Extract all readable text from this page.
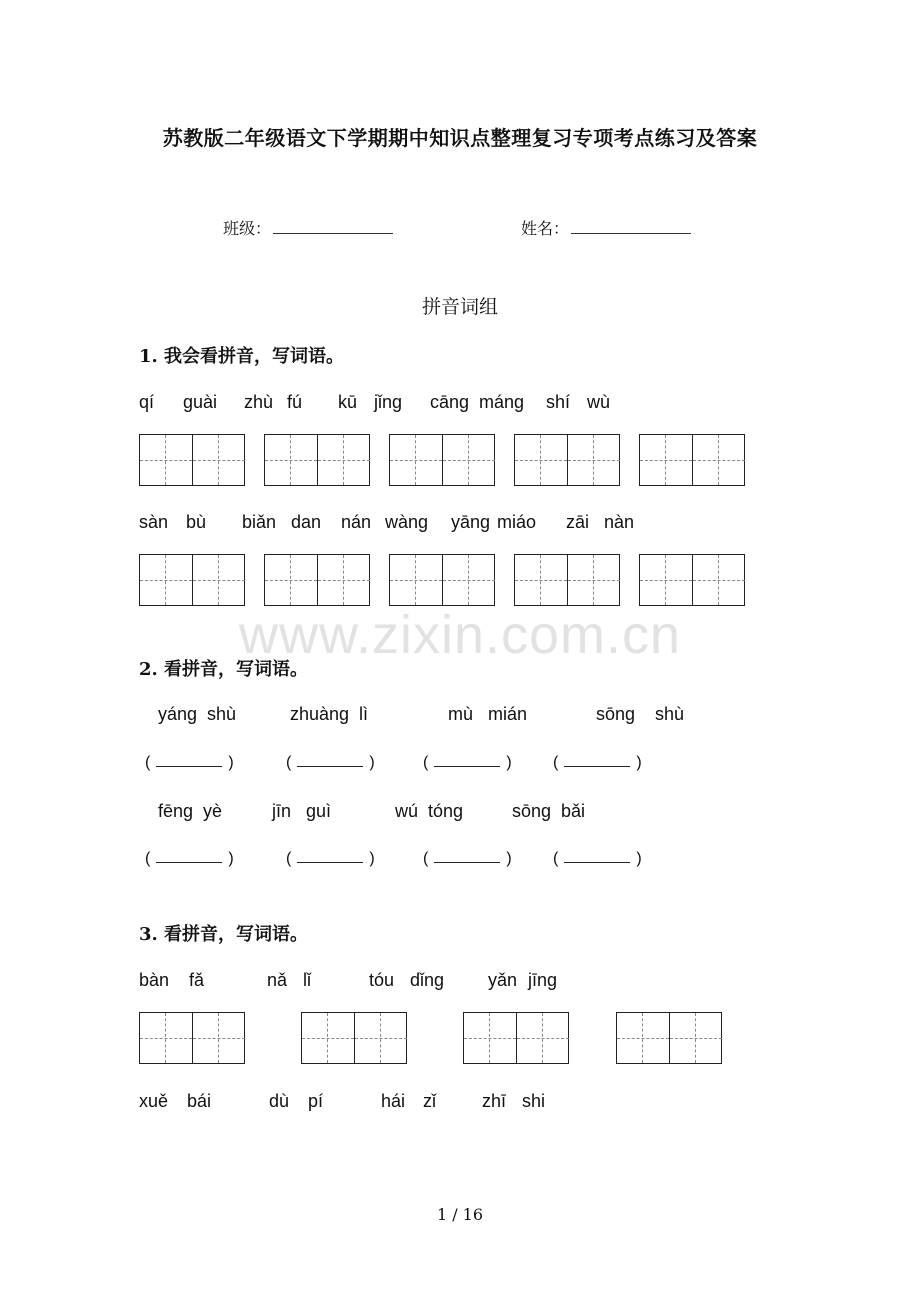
苏教版二年级语文下学期期中知识点整理复习专项考点练习及答案
班级：	姓名：
拼音词组
1. 我会看拼音，写词语。
qí guài zhù fú kū jǐng cāng máng shí wù
sàn bù biǎn dan nán wàng yāng miáo zāi nàn
www.zixin.com.cn
2. 看拼音，写词语。
yáng  shù	zhuàng  lì	mù   mián	sōng    shù
(	)	(	)	(	)	(	)
fēng  yè	jīn   guì	wú  tóng	sōng  bǎi
(	)	(	)	(	)	(	)
3. 看拼音，写词语。
bàn fǎ	nǎ lǐ	tóu dǐng yǎn jīng
xuě bái	dù pí	hái zǐ	zhī shi
1 / 16
